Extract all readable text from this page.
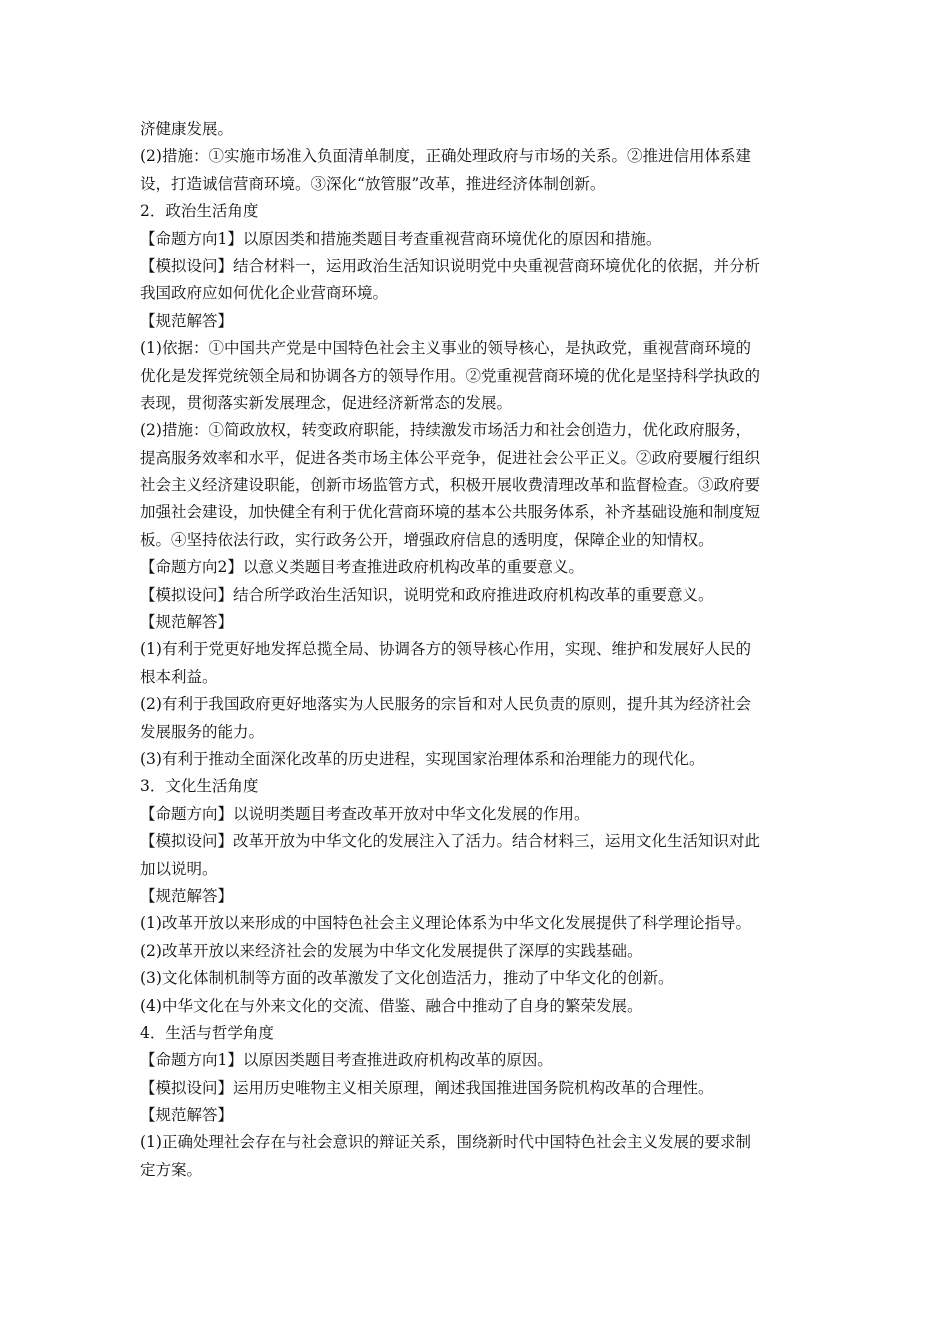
济健康发展。
(2)措施：①实施市场准入负面清单制度，正确处理政府与市场的关系。②推进信用体系建
设，打造诚信营商环境。③深化“放管服”改革，推进经济体制创新。
2．政治生活角度
【命题方向1】以原因类和措施类题目考查重视营商环境优化的原因和措施。
【模拟设问】结合材料一，运用政治生活知识说明党中央重视营商环境优化的依据，并分析
我国政府应如何优化企业营商环境。
【规范解答】
(1)依据：①中国共产党是中国特色社会主义事业的领导核心，是执政党，重视营商环境的
优化是发挥党统领全局和协调各方的领导作用。②党重视营商环境的优化是坚持科学执政的
表现，贯彻落实新发展理念，促进经济新常态的发展。
(2)措施：①简政放权，转变政府职能，持续激发市场活力和社会创造力，优化政府服务，
提高服务效率和水平，促进各类市场主体公平竞争，促进社会公平正义。②政府要履行组织
社会主义经济建设职能，创新市场监管方式，积极开展收费清理改革和监督检查。③政府要
加强社会建设，加快健全有利于优化营商环境的基本公共服务体系，补齐基础设施和制度短
板。④坚持依法行政，实行政务公开，增强政府信息的透明度，保障企业的知情权。
【命题方向2】以意义类题目考查推进政府机构改革的重要意义。
【模拟设问】结合所学政治生活知识，说明党和政府推进政府机构改革的重要意义。
【规范解答】
(1)有利于党更好地发挥总揽全局、协调各方的领导核心作用，实现、维护和发展好人民的
根本利益。
(2)有利于我国政府更好地落实为人民服务的宗旨和对人民负责的原则，提升其为经济社会
发展服务的能力。
(3)有利于推动全面深化改革的历史进程，实现国家治理体系和治理能力的现代化。
3．文化生活角度
【命题方向】以说明类题目考查改革开放对中华文化发展的作用。
【模拟设问】改革开放为中华文化的发展注入了活力。结合材料三，运用文化生活知识对此
加以说明。
【规范解答】
(1)改革开放以来形成的中国特色社会主义理论体系为中华文化发展提供了科学理论指导。
(2)改革开放以来经济社会的发展为中华文化发展提供了深厚的实践基础。
(3)文化体制机制等方面的改革激发了文化创造活力，推动了中华文化的创新。
(4)中华文化在与外来文化的交流、借鉴、融合中推动了自身的繁荣发展。
4．生活与哲学角度
【命题方向1】以原因类题目考查推进政府机构改革的原因。
【模拟设问】运用历史唯物主义相关原理，阐述我国推进国务院机构改革的合理性。
【规范解答】
(1)正确处理社会存在与社会意识的辩证关系，围绕新时代中国特色社会主义发展的要求制
定方案。
